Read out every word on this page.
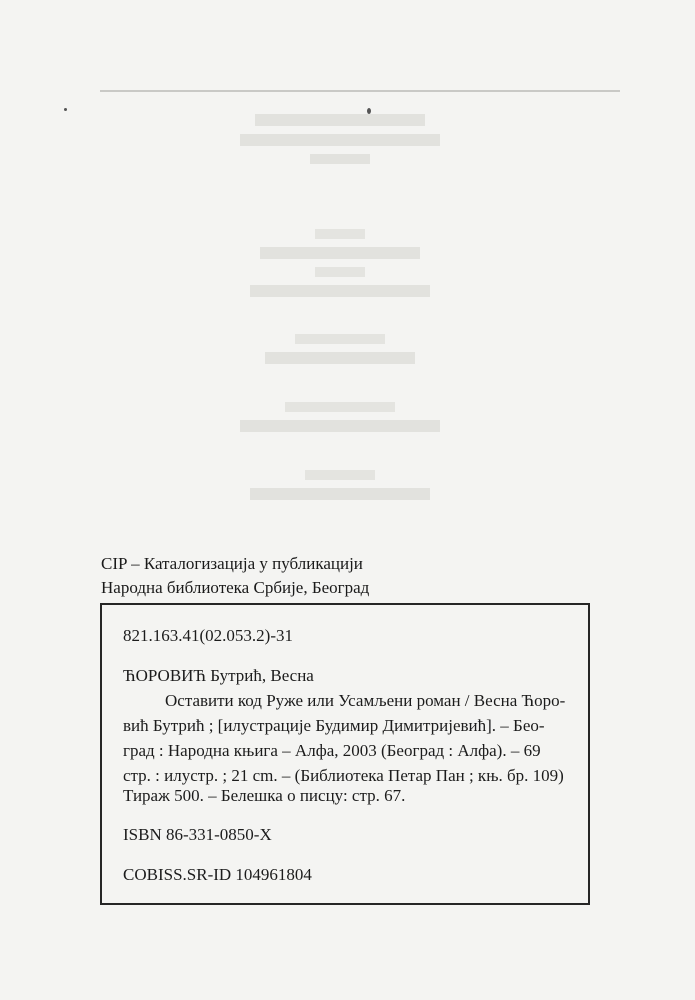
CIP – Каталогизација у публикацији
Народна библиотека Србије, Београд
821.163.41(02.053.2)-31
ЋОРОВИЋ Бутрић, Весна
Оставити код Руже или Усамљени роман / Весна Ћоро-
вић Бутрић ; [илустрације Будимир Димитријевић]. – Бео-
град : Народна књига – Алфа, 2003 (Београд : Алфа). – 69
стр. : илустр. ; 21 cm. – (Библиотека Петар Пан ; књ. бр. 109)
Тираж 500. – Белешка о писцу: стр. 67.
ISBN 86-331-0850-X
COBISS.SR-ID 104961804
